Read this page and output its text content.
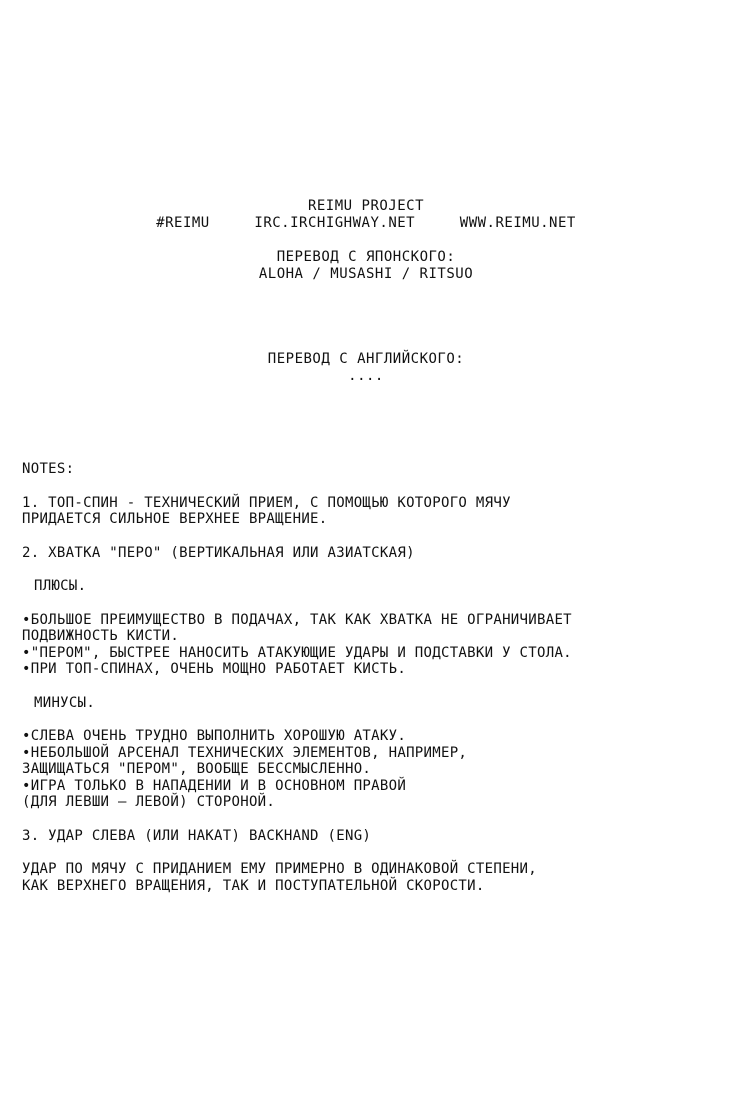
REIMU PROJECT
#REIMU	IRC.IRCHIGHWAY.NET	WWW.REIMU.NET
ПЕРЕВОД С ЯПОНСКОГО:
ALOHA / MUSASHI / RITSUO
ПЕРЕВОД С АНГЛИЙСКОГО:
....

NOTES:

1. ТОП-СПИН - ТЕХНИЧЕСКИЙ ПРИЕМ, С ПОМОЩЬЮ КОТОРОГО МЯЧУ

ПРИДАЕТСЯ СИЛЬНОЕ ВЕРХНЕЕ ВРАЩЕНИЕ.

2. ХВАТКА "ПЕРО" (ВЕРТИКАЛЬНАЯ ИЛИ АЗИАТСКАЯ)

ПЛЮСЫ.

•БОЛЬШОЕ ПРЕИМУЩЕСТВО В ПОДАЧАХ, ТАК КАК ХВАТКА НЕ ОГРАНИЧИВАЕТ

ПОДВИЖНОСТЬ КИСТИ.

•"ПЕРОМ", БЫСТРЕЕ НАНОСИТЬ АТАКУЮЩИЕ УДАРЫ И ПОДСТАВКИ У СТОЛА.

•ПРИ ТОП-СПИНАХ, ОЧЕНЬ МОЩНО РАБОТАЕТ КИСТЬ.

МИНУСЫ.

•СЛЕВА ОЧЕНЬ ТРУДНО ВЫПОЛНИТЬ ХОРОШУЮ АТАКУ.

•НЕБОЛЬШОЙ АРСЕНАЛ ТЕХНИЧЕСКИХ ЭЛЕМЕНТОВ, НАПРИМЕР,

ЗАЩИЩАТЬСЯ "ПЕРОМ", ВООБЩЕ БЕССМЫСЛЕННО.

•ИГРА ТОЛЬКО В НАПАДЕНИИ И В ОСНОВНОМ ПРАВОЙ

(ДЛЯ ЛЕВШИ — ЛЕВОЙ) СТОРОНОЙ.

3. УДАР СЛЕВА (ИЛИ НАКАТ) BACKHAND (ENG)

УДАР ПО МЯЧУ С ПРИДАНИЕМ ЕМУ ПРИМЕРНО В ОДИНАКОВОЙ СТЕПЕНИ,

КАК ВЕРХНЕГО ВРАЩЕНИЯ, ТАК И ПОСТУПАТЕЛЬНОЙ СКОРОСТИ.
